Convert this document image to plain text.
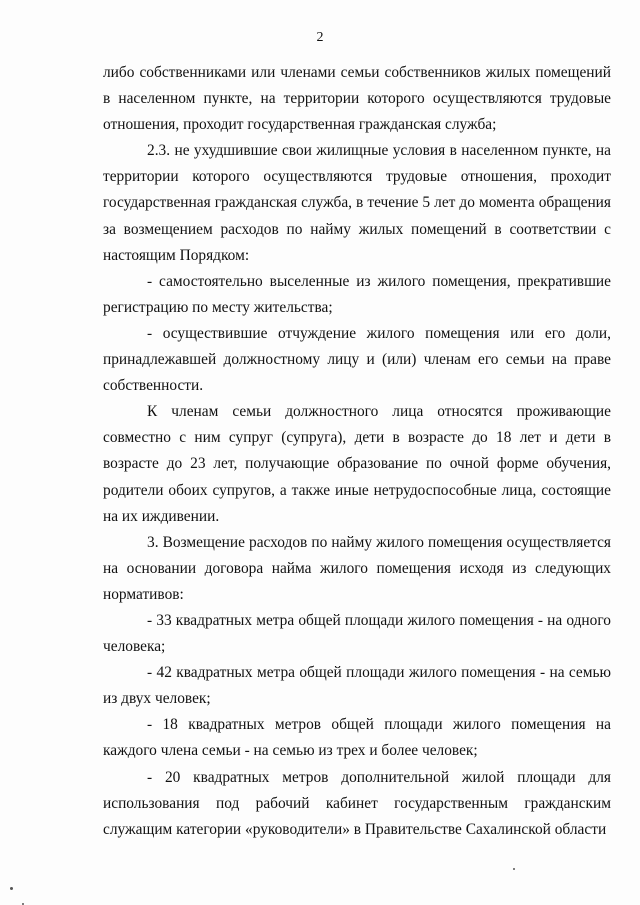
2

либо собственниками или членами семьи собственников жилых помещений в населенном пункте, на территории которого осуществляются трудовые отношения, проходит государственная гражданская служба;

2.3. не ухудшившие свои жилищные условия в населенном пункте, на территории которого осуществляются трудовые отношения, проходит государственная гражданская служба, в течение 5 лет до момента обращения за возмещением расходов по найму жилых помещений в соответствии с настоящим Порядком:

- самостоятельно выселенные из жилого помещения, прекратившие регистрацию по месту жительства;

- осуществившие отчуждение жилого помещения или его доли, принадлежавшей должностному лицу и (или) членам его семьи на праве собственности.

К членам семьи должностного лица относятся проживающие совместно с ним супруг (супруга), дети в возрасте до 18 лет и дети в возрасте до 23 лет, получающие образование по очной форме обучения, родители обоих супругов, а также иные нетрудоспособные лица, состоящие на их иждивении.

3. Возмещение расходов по найму жилого помещения осуществляется на основании договора найма жилого помещения исходя из следующих нормативов:

- 33 квадратных метра общей площади жилого помещения - на одного человека;

- 42 квадратных метра общей площади жилого помещения - на семью из двух человек;

- 18 квадратных метров общей площади жилого помещения на каждого члена семьи - на семью из трех и более человек;

- 20 квадратных метров дополнительной жилой площади для использования под рабочий кабинет государственным гражданским служащим категории «руководители» в Правительстве Сахалинской области
